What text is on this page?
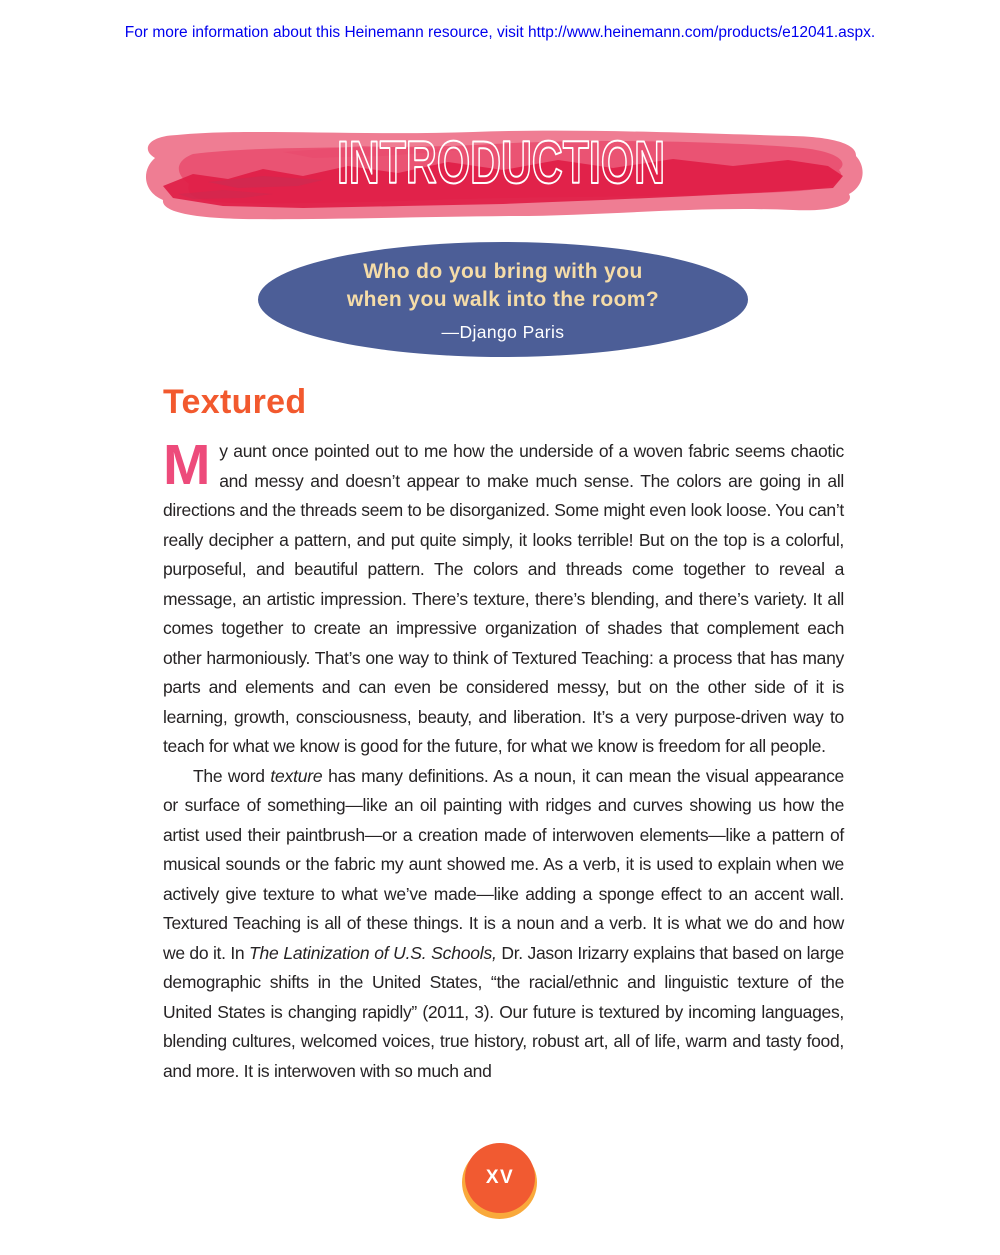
For more information about this Heinemann resource, visit http://www.heinemann.com/products/e12041.aspx.
INTRODUCTION
Who do you bring with you
when you walk into the room?
—Django Paris
Textured

My aunt once pointed out to me how the underside of a woven fabric seems chaotic and messy and doesn’t appear to make much sense. The colors are going in all directions and the threads seem to be disorganized. Some might even look loose. You can’t really decipher a pattern, and put quite simply, it looks terrible! But on the top is a colorful, purposeful, and beautiful pattern. The colors and threads come together to reveal a message, an artistic impression. There’s texture, there’s blending, and there’s variety. It all comes together to create an impressive organization of shades that complement each other harmoniously. That’s one way to think of Textured Teaching: a process that has many parts and elements and can even be considered messy, but on the other side of it is learning, growth, consciousness, beauty, and liberation. It’s a very purpose-driven way to teach for what we know is good for the future, for what we know is freedom for all people.

The word texture has many definitions. As a noun, it can mean the visual appearance or surface of something—like an oil painting with ridges and curves showing us how the artist used their paintbrush—or a creation made of interwoven elements—like a pattern of musical sounds or the fabric my aunt showed me. As a verb, it is used to explain when we actively give texture to what we’ve made—like adding a sponge effect to an accent wall. Textured Teaching is all of these things. It is a noun and a verb. It is what we do and how we do it. In The Latinization of U.S. Schools, Dr. Jason Irizarry explains that based on large demographic shifts in the United States, “the racial/ethnic and linguistic texture of the United States is changing rapidly” (2011, 3). Our future is textured by incoming languages, blending cultures, welcomed voices, true history, robust art, all of life, warm and tasty food, and more. It is interwoven with so much and

XV
